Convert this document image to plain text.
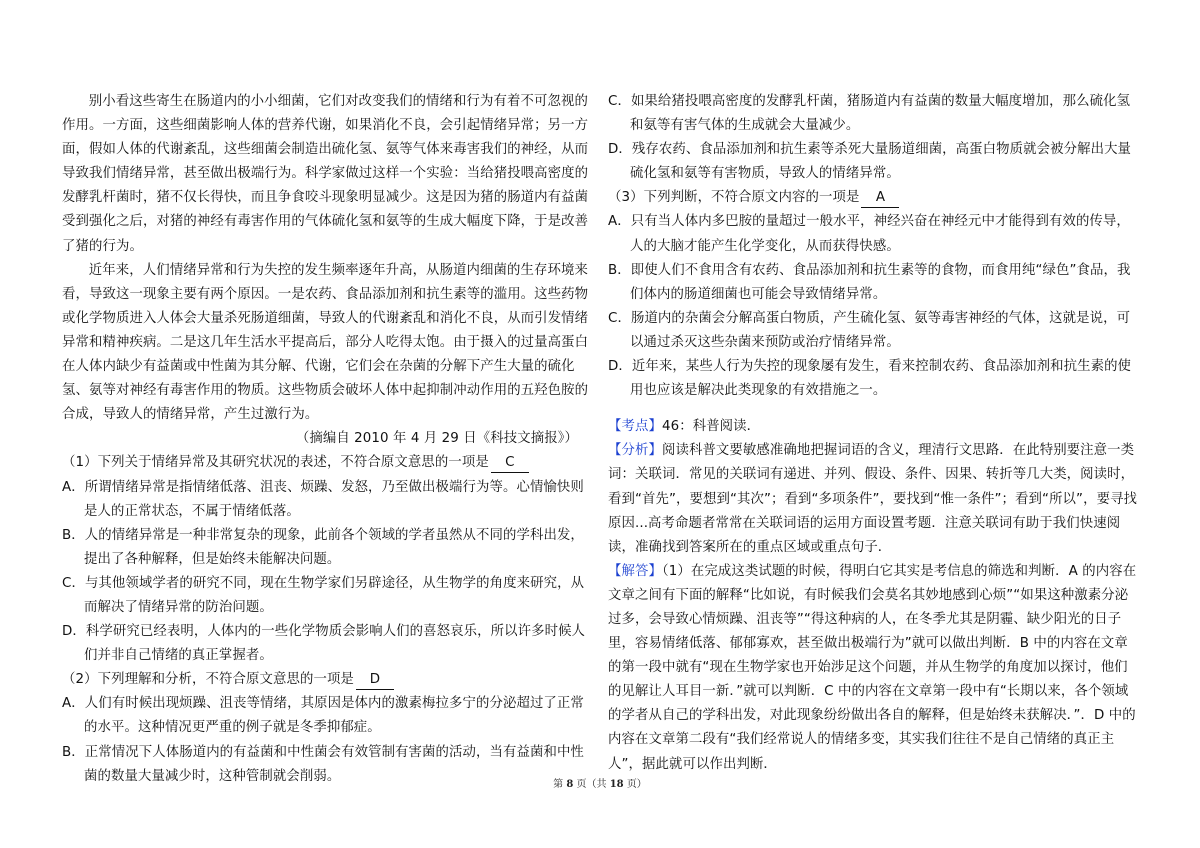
别小看这些寄生在肠道内的小小细菌，它们对改变我们的情绪和行为有着不可忽视的作用。一方面，这些细菌影响人体的营养代谢，如果消化不良，会引起情绪异常；另一方面，假如人体的代谢紊乱，这些细菌会制造出硫化氢、氨等气体来毒害我们的神经，从而导致我们情绪异常，甚至做出极端行为。科学家做过这样一个实验：当给猪投喂高密度的发酵乳杆菌时，猪不仅长得快，而且争食咬斗现象明显减少。这是因为猪的肠道内有益菌受到强化之后，对猪的神经有毒害作用的气体硫化氢和氨等的生成大幅度下降，于是改善了猪的行为。

近年来，人们情绪异常和行为失控的发生频率逐年升高，从肠道内细菌的生存环境来看，导致这一现象主要有两个原因。一是农药、食品添加剂和抗生素等的滥用。这些药物或化学物质进入人体会大量杀死肠道细菌，导致人的代谢紊乱和消化不良，从而引发情绪异常和精神疾病。二是这几年生活水平提高后，部分人吃得太饱。由于摄入的过量高蛋白在人体内缺少有益菌或中性菌为其分解、代谢，它们会在杂菌的分解下产生大量的硫化氢、氨等对神经有毒害作用的物质。这些物质会破坏人体中起抑制冲动作用的五羟色胺的合成，导致人的情绪异常，产生过激行为。

（摘编自 2010 年 4 月 29 日《科技文摘报》）

（1）下列关于情绪异常及其研究状况的表述，不符合原文意思的一项是 C

A．所谓情绪异常是指情绪低落、沮丧、烦躁、发怒，乃至做出极端行为等。心情愉快则是人的正常状态，不属于情绪低落。

B．人的情绪异常是一种非常复杂的现象，此前各个领域的学者虽然从不同的学科出发，提出了各种解释，但是始终未能解决问题。

C．与其他领域学者的研究不同，现在生物学家们另辟途径，从生物学的角度来研究，从而解决了情绪异常的防治问题。

D．科学研究已经表明，人体内的一些化学物质会影响人们的喜怒哀乐，所以许多时候人们并非自己情绪的真正掌握者。

（2）下列理解和分析，不符合原文意思的一项是 D

A．人们有时候出现烦躁、沮丧等情绪，其原因是体内的激素梅拉多宁的分泌超过了正常的水平。这种情况更严重的例子就是冬季抑郁症。

B．正常情况下人体肠道内的有益菌和中性菌会有效管制有害菌的活动，当有益菌和中性菌的数量大量减少时，这种管制就会削弱。

C．如果给猪投喂高密度的发酵乳杆菌，猪肠道内有益菌的数量大幅度增加，那么硫化氢和氨等有害气体的生成就会大量减少。

D．残存农药、食品添加剂和抗生素等杀死大量肠道细菌，高蛋白物质就会被分解出大量硫化氢和氨等有害物质，导致人的情绪异常。

（3）下列判断，不符合原文内容的一项是 A

A．只有当人体内多巴胺的量超过一般水平，神经兴奋在神经元中才能得到有效的传导，人的大脑才能产生化学变化，从而获得快感。

B．即使人们不食用含有农药、食品添加剂和抗生素等的食物，而食用纯“绿色”食品，我们体内的肠道细菌也可能会导致情绪异常。

C．肠道内的杂菌会分解高蛋白物质，产生硫化氢、氨等毒害神经的气体，这就是说，可以通过杀灭这些杂菌来预防或治疗情绪异常。

D．近年来，某些人行为失控的现象屡有发生，看来控制农药、食品添加剂和抗生素的使用也应该是解决此类现象的有效措施之一。

【考点】46：科普阅读．

【分析】阅读科普文要敏感准确地把握词语的含义，理清行文思路．在此特别要注意一类词：关联词．常见的关联词有递进、并列、假设、条件、因果、转折等几大类，阅读时，看到“首先”，要想到“其次”；看到“多项条件”，要找到“惟一条件”；看到“所以”，要寻找原因...高考命题者常常在关联词语的运用方面设置考题．注意关联词有助于我们快速阅读，准确找到答案所在的重点区域或重点句子．

【解答】（1）在完成这类试题的时候，得明白它其实是考信息的筛选和判断．A 的内容在文章之间有下面的解释“比如说，有时候我们会莫名其妙地感到心烦”“如果这种激素分泌过多，会导致心情烦躁、沮丧等”“得这种病的人，在冬季尤其是阴霾、缺少阳光的日子里，容易情绪低落、郁郁寡欢，甚至做出极端行为”就可以做出判断．B 中的内容在文章的第一段中就有“现在生物学家也开始涉足这个问题，并从生物学的角度加以探讨，他们的见解让人耳目一新．”就可以判断．C 中的内容在文章第一段中有“长期以来，各个领域的学者从自己的学科出发，对此现象纷纷做出各自的解释，但是始终未获解决．”．D 中的内容在文章第二段有“我们经常说人的情绪多变，其实我们往往不是自己情绪的真正主人”，据此就可以作出判断．

第 8 页（共 18 页）
